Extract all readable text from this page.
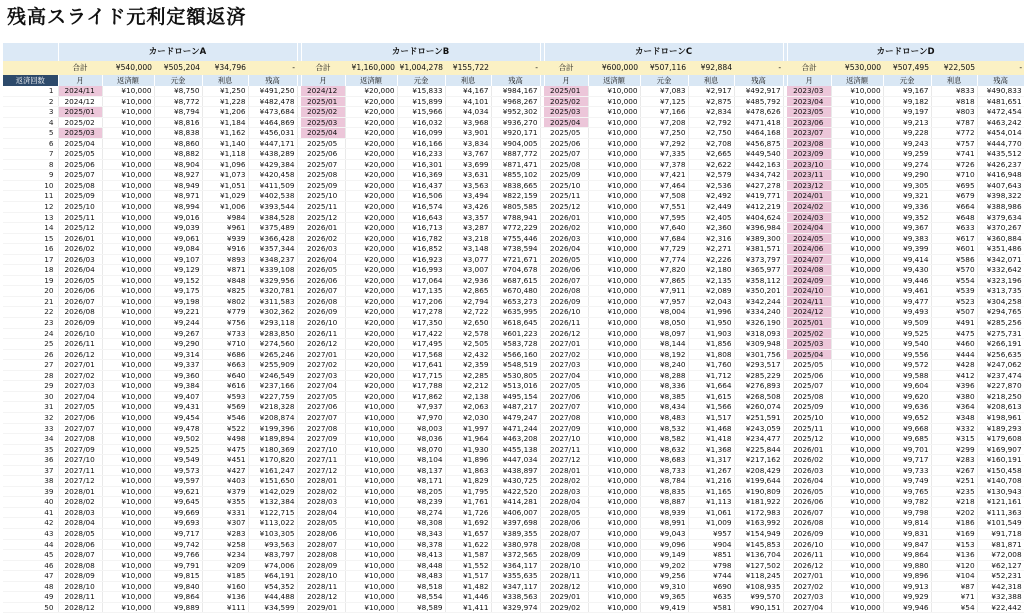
残高スライド元利定額返済
	カードローンA						カードローンB						カードローンC						カードローンD				
	合計	¥540,000	¥505,204	¥34,796	-		合計	¥1,160,000	¥1,004,278	¥155,722	-		合計	¥600,000	¥507,116	¥92,884	-		合計	¥530,000	¥507,495	¥22,505	-
返済回数	月	返済額	元金	利息	残高		月	返済額	元金	利息	残高		月	返済額	元金	利息	残高		月	返済額	元金	利息	残高
1	2024/11	¥10,000	¥8,750	¥1,250	¥491,250		2024/12	¥20,000	¥15,833	¥4,167	¥984,167		2025/01	¥10,000	¥7,083	¥2,917	¥492,917		2023/03	¥10,000	¥9,167	¥833	¥490,833
2	2024/12	¥10,000	¥8,772	¥1,228	¥482,478		2025/01	¥20,000	¥15,899	¥4,101	¥968,267		2025/02	¥10,000	¥7,125	¥2,875	¥485,792		2023/04	¥10,000	¥9,182	¥818	¥481,651
3	2025/01	¥10,000	¥8,794	¥1,206	¥473,684		2025/02	¥20,000	¥15,966	¥4,034	¥952,302		2025/03	¥10,000	¥7,166	¥2,834	¥478,626		2023/05	¥10,000	¥9,197	¥803	¥472,454
4	2025/02	¥10,000	¥8,816	¥1,184	¥464,869		2025/03	¥20,000	¥16,032	¥3,968	¥936,270		2025/04	¥10,000	¥7,208	¥2,792	¥471,418		2023/06	¥10,000	¥9,213	¥787	¥463,242
5	2025/03	¥10,000	¥8,838	¥1,162	¥456,031		2025/04	¥20,000	¥16,099	¥3,901	¥920,171		2025/05	¥10,000	¥7,250	¥2,750	¥464,168		2023/07	¥10,000	¥9,228	¥772	¥454,014
6	2025/04	¥10,000	¥8,860	¥1,140	¥447,171		2025/05	¥20,000	¥16,166	¥3,834	¥904,005		2025/06	¥10,000	¥7,292	¥2,708	¥456,875		2023/08	¥10,000	¥9,243	¥757	¥444,770
7	2025/05	¥10,000	¥8,882	¥1,118	¥438,289		2025/06	¥20,000	¥16,233	¥3,767	¥887,772		2025/07	¥10,000	¥7,335	¥2,665	¥449,540		2023/09	¥10,000	¥9,259	¥741	¥435,512
8	2025/06	¥10,000	¥8,904	¥1,096	¥429,384		2025/07	¥20,000	¥16,301	¥3,699	¥871,471		2025/08	¥10,000	¥7,378	¥2,622	¥442,163		2023/10	¥10,000	¥9,274	¥726	¥426,237
9	2025/07	¥10,000	¥8,927	¥1,073	¥420,458		2025/08	¥20,000	¥16,369	¥3,631	¥855,102		2025/09	¥10,000	¥7,421	¥2,579	¥434,742		2023/11	¥10,000	¥9,290	¥710	¥416,948
10	2025/08	¥10,000	¥8,949	¥1,051	¥411,509		2025/09	¥20,000	¥16,437	¥3,563	¥838,665		2025/10	¥10,000	¥7,464	¥2,536	¥427,278		2023/12	¥10,000	¥9,305	¥695	¥407,643
11	2025/09	¥10,000	¥8,971	¥1,029	¥402,538		2025/10	¥20,000	¥16,506	¥3,494	¥822,159		2025/11	¥10,000	¥7,508	¥2,492	¥419,771		2024/01	¥10,000	¥9,321	¥679	¥398,322
12	2025/10	¥10,000	¥8,994	¥1,006	¥393,544		2025/11	¥20,000	¥16,574	¥3,426	¥805,585		2025/12	¥10,000	¥7,551	¥2,449	¥412,219		2024/02	¥10,000	¥9,336	¥664	¥388,986
13	2025/11	¥10,000	¥9,016	¥984	¥384,528		2025/12	¥20,000	¥16,643	¥3,357	¥788,941		2026/01	¥10,000	¥7,595	¥2,405	¥404,624		2024/03	¥10,000	¥9,352	¥648	¥379,634
14	2025/12	¥10,000	¥9,039	¥961	¥375,489		2026/01	¥20,000	¥16,713	¥3,287	¥772,229		2026/02	¥10,000	¥7,640	¥2,360	¥396,984		2024/04	¥10,000	¥9,367	¥633	¥370,267
15	2026/01	¥10,000	¥9,061	¥939	¥366,428		2026/02	¥20,000	¥16,782	¥3,218	¥755,446		2026/03	¥10,000	¥7,684	¥2,316	¥389,300		2024/05	¥10,000	¥9,383	¥617	¥360,884
16	2026/02	¥10,000	¥9,084	¥916	¥357,344		2026/03	¥20,000	¥16,852	¥3,148	¥738,594		2026/04	¥10,000	¥7,729	¥2,271	¥381,571		2024/06	¥10,000	¥9,399	¥601	¥351,486
17	2026/03	¥10,000	¥9,107	¥893	¥348,237		2026/04	¥20,000	¥16,923	¥3,077	¥721,671		2026/05	¥10,000	¥7,774	¥2,226	¥373,797		2024/07	¥10,000	¥9,414	¥586	¥342,071
18	2026/04	¥10,000	¥9,129	¥871	¥339,108		2026/05	¥20,000	¥16,993	¥3,007	¥704,678		2026/06	¥10,000	¥7,820	¥2,180	¥365,977		2024/08	¥10,000	¥9,430	¥570	¥332,642
19	2026/05	¥10,000	¥9,152	¥848	¥329,956		2026/06	¥20,000	¥17,064	¥2,936	¥687,615		2026/07	¥10,000	¥7,865	¥2,135	¥358,112		2024/09	¥10,000	¥9,446	¥554	¥323,196
20	2026/06	¥10,000	¥9,175	¥825	¥320,781		2026/07	¥20,000	¥17,135	¥2,865	¥670,480		2026/08	¥10,000	¥7,911	¥2,089	¥350,201		2024/10	¥10,000	¥9,461	¥539	¥313,735
21	2026/07	¥10,000	¥9,198	¥802	¥311,583		2026/08	¥20,000	¥17,206	¥2,794	¥653,273		2026/09	¥10,000	¥7,957	¥2,043	¥342,244		2024/11	¥10,000	¥9,477	¥523	¥304,258
22	2026/08	¥10,000	¥9,221	¥779	¥302,362		2026/09	¥20,000	¥17,278	¥2,722	¥635,995		2026/10	¥10,000	¥8,004	¥1,996	¥334,240		2024/12	¥10,000	¥9,493	¥507	¥294,765
23	2026/09	¥10,000	¥9,244	¥756	¥293,118		2026/10	¥20,000	¥17,350	¥2,650	¥618,645		2026/11	¥10,000	¥8,050	¥1,950	¥326,190		2025/01	¥10,000	¥9,509	¥491	¥285,256
24	2026/10	¥10,000	¥9,267	¥733	¥283,850		2026/11	¥20,000	¥17,422	¥2,578	¥601,223		2026/12	¥10,000	¥8,097	¥1,903	¥318,093		2025/02	¥10,000	¥9,525	¥475	¥275,731
25	2026/11	¥10,000	¥9,290	¥710	¥274,560		2026/12	¥20,000	¥17,495	¥2,505	¥583,728		2027/01	¥10,000	¥8,144	¥1,856	¥309,948		2025/03	¥10,000	¥9,540	¥460	¥266,191
26	2026/12	¥10,000	¥9,314	¥686	¥265,246		2027/01	¥20,000	¥17,568	¥2,432	¥566,160		2027/02	¥10,000	¥8,192	¥1,808	¥301,756		2025/04	¥10,000	¥9,556	¥444	¥256,635
27	2027/01	¥10,000	¥9,337	¥663	¥255,909		2027/02	¥20,000	¥17,641	¥2,359	¥548,519		2027/03	¥10,000	¥8,240	¥1,760	¥293,517		2025/05	¥10,000	¥9,572	¥428	¥247,062
28	2027/02	¥10,000	¥9,360	¥640	¥246,549		2027/03	¥20,000	¥17,715	¥2,285	¥530,805		2027/04	¥10,000	¥8,288	¥1,712	¥285,229		2025/06	¥10,000	¥9,588	¥412	¥237,474
29	2027/03	¥10,000	¥9,384	¥616	¥237,166		2027/04	¥20,000	¥17,788	¥2,212	¥513,016		2027/05	¥10,000	¥8,336	¥1,664	¥276,893		2025/07	¥10,000	¥9,604	¥396	¥227,870
30	2027/04	¥10,000	¥9,407	¥593	¥227,759		2027/05	¥20,000	¥17,862	¥2,138	¥495,154		2027/06	¥10,000	¥8,385	¥1,615	¥268,508		2025/08	¥10,000	¥9,620	¥380	¥218,250
31	2027/05	¥10,000	¥9,431	¥569	¥218,328		2027/06	¥10,000	¥7,937	¥2,063	¥487,217		2027/07	¥10,000	¥8,434	¥1,566	¥260,074		2025/09	¥10,000	¥9,636	¥364	¥208,613
32	2027/06	¥10,000	¥9,454	¥546	¥208,874		2027/07	¥10,000	¥7,970	¥2,030	¥479,247		2027/08	¥10,000	¥8,483	¥1,517	¥251,591		2025/10	¥10,000	¥9,652	¥348	¥198,961
33	2027/07	¥10,000	¥9,478	¥522	¥199,396		2027/08	¥10,000	¥8,003	¥1,997	¥471,244		2027/09	¥10,000	¥8,532	¥1,468	¥243,059		2025/11	¥10,000	¥9,668	¥332	¥189,293
34	2027/08	¥10,000	¥9,502	¥498	¥189,894		2027/09	¥10,000	¥8,036	¥1,964	¥463,208		2027/10	¥10,000	¥8,582	¥1,418	¥234,477		2025/12	¥10,000	¥9,685	¥315	¥179,608
35	2027/09	¥10,000	¥9,525	¥475	¥180,369		2027/10	¥10,000	¥8,070	¥1,930	¥455,138		2027/11	¥10,000	¥8,632	¥1,368	¥225,844		2026/01	¥10,000	¥9,701	¥299	¥169,907
36	2027/10	¥10,000	¥9,549	¥451	¥170,820		2027/11	¥10,000	¥8,104	¥1,896	¥447,034		2027/12	¥10,000	¥8,683	¥1,317	¥217,162		2026/02	¥10,000	¥9,717	¥283	¥160,191
37	2027/11	¥10,000	¥9,573	¥427	¥161,247		2027/12	¥10,000	¥8,137	¥1,863	¥438,897		2028/01	¥10,000	¥8,733	¥1,267	¥208,429		2026/03	¥10,000	¥9,733	¥267	¥150,458
38	2027/12	¥10,000	¥9,597	¥403	¥151,650		2028/01	¥10,000	¥8,171	¥1,829	¥430,725		2028/02	¥10,000	¥8,784	¥1,216	¥199,644		2026/04	¥10,000	¥9,749	¥251	¥140,708
39	2028/01	¥10,000	¥9,621	¥379	¥142,029		2028/02	¥10,000	¥8,205	¥1,795	¥422,520		2028/03	¥10,000	¥8,835	¥1,165	¥190,809		2026/05	¥10,000	¥9,765	¥235	¥130,943
40	2028/02	¥10,000	¥9,645	¥355	¥132,384		2028/03	¥10,000	¥8,239	¥1,761	¥414,281		2028/04	¥10,000	¥8,887	¥1,113	¥181,922		2026/06	¥10,000	¥9,782	¥218	¥121,161
41	2028/03	¥10,000	¥9,669	¥331	¥122,715		2028/04	¥10,000	¥8,274	¥1,726	¥406,007		2028/05	¥10,000	¥8,939	¥1,061	¥172,983		2026/07	¥10,000	¥9,798	¥202	¥111,363
42	2028/04	¥10,000	¥9,693	¥307	¥113,022		2028/05	¥10,000	¥8,308	¥1,692	¥397,698		2028/06	¥10,000	¥8,991	¥1,009	¥163,992		2026/08	¥10,000	¥9,814	¥186	¥101,549
43	2028/05	¥10,000	¥9,717	¥283	¥103,305		2028/06	¥10,000	¥8,343	¥1,657	¥389,355		2028/07	¥10,000	¥9,043	¥957	¥154,949		2026/09	¥10,000	¥9,831	¥169	¥91,718
44	2028/06	¥10,000	¥9,742	¥258	¥93,563		2028/07	¥10,000	¥8,378	¥1,622	¥380,978		2028/08	¥10,000	¥9,096	¥904	¥145,853		2026/10	¥10,000	¥9,847	¥153	¥81,871
45	2028/07	¥10,000	¥9,766	¥234	¥83,797		2028/08	¥10,000	¥8,413	¥1,587	¥372,565		2028/09	¥10,000	¥9,149	¥851	¥136,704		2026/11	¥10,000	¥9,864	¥136	¥72,008
46	2028/08	¥10,000	¥9,791	¥209	¥74,006		2028/09	¥10,000	¥8,448	¥1,552	¥364,117		2028/10	¥10,000	¥9,202	¥798	¥127,502		2026/12	¥10,000	¥9,880	¥120	¥62,127
47	2028/09	¥10,000	¥9,815	¥185	¥64,191		2028/10	¥10,000	¥8,483	¥1,517	¥355,635		2028/11	¥10,000	¥9,256	¥744	¥118,245		2027/01	¥10,000	¥9,896	¥104	¥52,231
48	2028/10	¥10,000	¥9,840	¥160	¥54,352		2028/11	¥10,000	¥8,518	¥1,482	¥347,117		2028/12	¥10,000	¥9,310	¥690	¥108,935		2027/02	¥10,000	¥9,913	¥87	¥42,318
49	2028/11	¥10,000	¥9,864	¥136	¥44,488		2028/12	¥10,000	¥8,554	¥1,446	¥338,563		2029/01	¥10,000	¥9,365	¥635	¥99,570		2027/03	¥10,000	¥9,929	¥71	¥32,388
50	2028/12	¥10,000	¥9,889	¥111	¥34,599		2029/01	¥10,000	¥8,589	¥1,411	¥329,974		2029/02	¥10,000	¥9,419	¥581	¥90,151		2027/04	¥10,000	¥9,946	¥54	¥22,442
